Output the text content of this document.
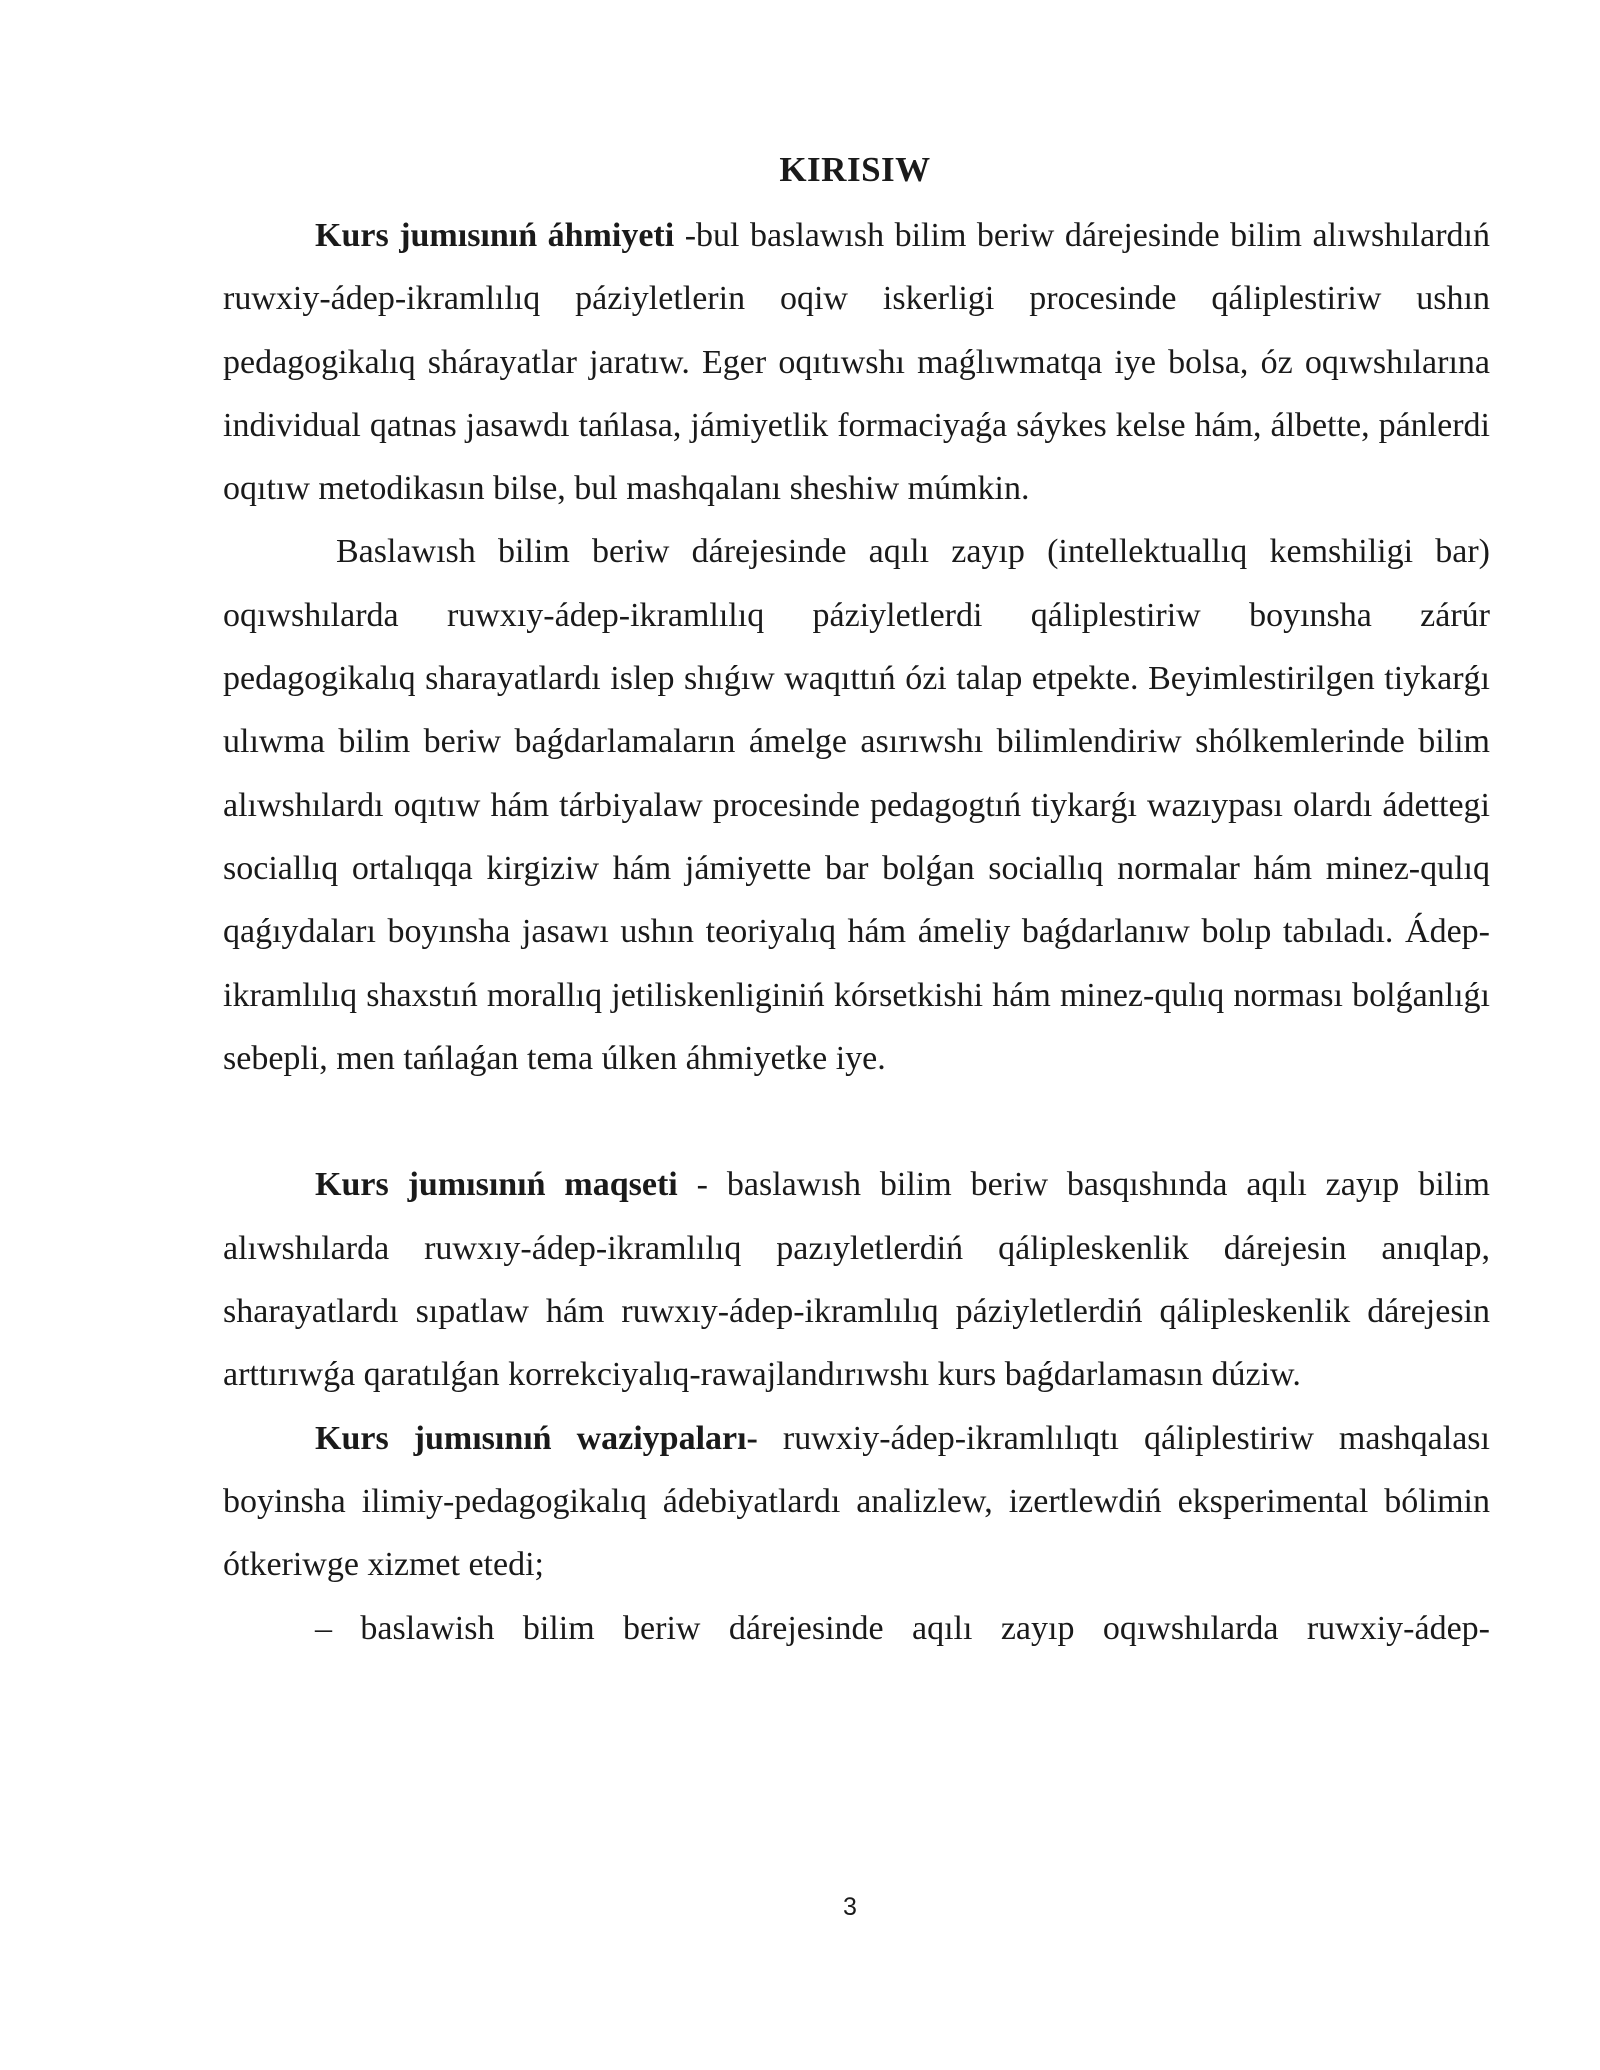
KIRISIW

Kurs jumısınıń áhmiyeti -bul baslawısh bilim beriw dárejesinde bilim alıwshılardıń ruwxiy-ádep-ikramlılıq páziyletlerin oqiw iskerligi procesinde qáliplestiriw ushın pedagogikalıq shárayatlar jaratıw. Eger oqıtıwshı maǵlıwmatqa iye bolsa, óz oqıwshılarına individual qatnas jasawdı tańlasa, jámiyetlik formaciyaǵa sáykes kelse hám, álbette, pánlerdi oqıtıw metodikasın bilse, bul mashqalanı sheshiw múmkin.

Baslawısh bilim beriw dárejesinde aqılı zayıp (intellektuallıq kemshiligi bar) oqıwshılarda ruwxıy-ádep-ikramlılıq páziyletlerdi qáliplestiriw boyınsha zárúr pedagogikalıq sharayatlardı islep shıǵıw waqıttıń ózi talap etpekte. Beyimlestirilgen tiykarǵı ulıwma bilim beriw baǵdarlamaların ámelge asırıwshı bilimlendiriw shólkemlerinde bilim alıwshılardı oqıtıw hám tárbiyalaw procesinde pedagogtıń tiykarǵı wazıypası olardı ádettegi sociallıq ortalıqqa kirgiziw hám jámiyette bar bolǵan sociallıq normalar hám minez-qulıq qaǵıydaları boyınsha jasawı ushın teoriyalıq hám ámeliy baǵdarlanıw bolıp tabıladı. Ádep-ikramlılıq shaxstıń morallıq jetiliskenliginiń kórsetkishi hám minez-qulıq norması bolǵanlıǵı sebepli, men tańlaǵan tema úlken áhmiyetke iye.

Kurs jumısınıń maqseti - baslawısh bilim beriw basqıshında aqılı zayıp bilim alıwshılarda ruwxıy-ádep-ikramlılıq pazıyletlerdiń qálipleskenlik dárejesin anıqlap, sharayatlardı sıpatlaw hám ruwxıy-ádep-ikramlılıq páziyletlerdiń qálipleskenlik dárejesin arttırıwǵa qaratılǵan korrekciyalıq-rawajlandırıwshı kurs baǵdarlamasın dúziw.

Kurs jumısınıń waziypaları- ruwxiy-ádep-ikramlılıqtı qáliplestiriw mashqalası boyinsha ilimiy-pedagogikalıq ádebiyatlardı analizlew, izertlewdiń eksperimental bólimin ótkeriwge xizmet etedi;

– baslawish bilim beriw dárejesinde aqılı zayıp oqıwshılarda ruwxiy-ádep-

3
